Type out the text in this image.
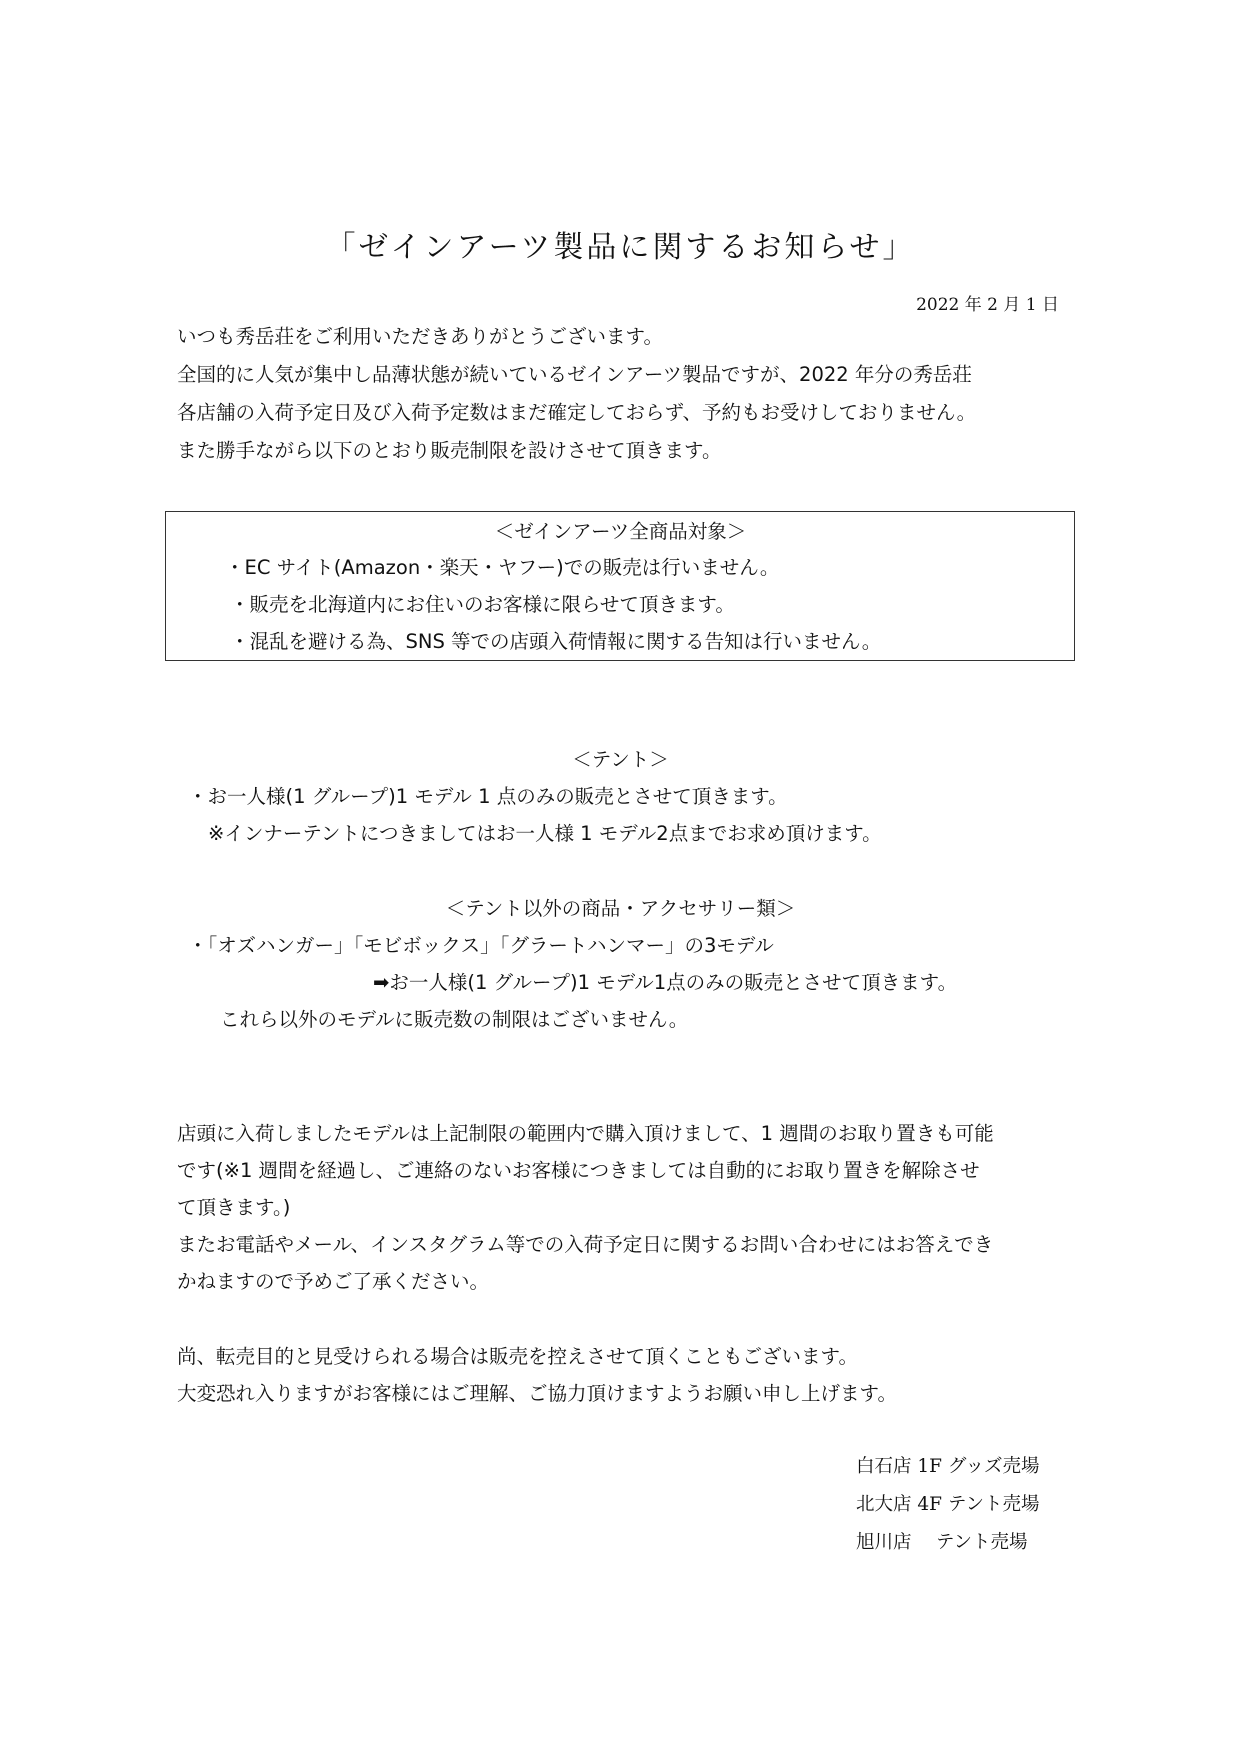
「ゼインアーツ製品に関するお知らせ」
2022 年 2 月 1 日
いつも秀岳荘をご利用いただきありがとうございます。
全国的に人気が集中し品薄状態が続いているゼインアーツ製品ですが、2022 年分の秀岳荘
各店舗の入荷予定日及び入荷予定数はまだ確定しておらず、予約もお受けしておりません。
また勝手ながら以下のとおり販売制限を設けさせて頂きます。
＜ゼインアーツ全商品対象＞
・EC サイト(Amazon・楽天・ヤフー)での販売は行いません。
・販売を北海道内にお住いのお客様に限らせて頂きます。
・混乱を避ける為、SNS 等での店頭入荷情報に関する告知は行いません。
＜テント＞
・お一人様(1 グループ)1 モデル 1 点のみの販売とさせて頂きます。
※インナーテントにつきましてはお一人様 1 モデル2点までお求め頂けます。
＜テント以外の商品・アクセサリー類＞
・「オズハンガー」「モビボックス」「グラートハンマー」の3モデル
➡お一人様(1 グループ)1 モデル1点のみの販売とさせて頂きます。
これら以外のモデルに販売数の制限はございません。
店頭に入荷しましたモデルは上記制限の範囲内で購入頂けまして、1 週間のお取り置きも可能
です(※1 週間を経過し、ご連絡のないお客様につきましては自動的にお取り置きを解除させ
て頂きます。)
またお電話やメール、インスタグラム等での入荷予定日に関するお問い合わせにはお答えでき
かねますので予めご了承ください。
尚、転売目的と見受けられる場合は販売を控えさせて頂くこともございます。
大変恐れ入りますがお客様にはご理解、ご協力頂けますようお願い申し上げます。
白石店 1F グッズ売場
北大店 4F テント売場
旭川店　 テント売場
